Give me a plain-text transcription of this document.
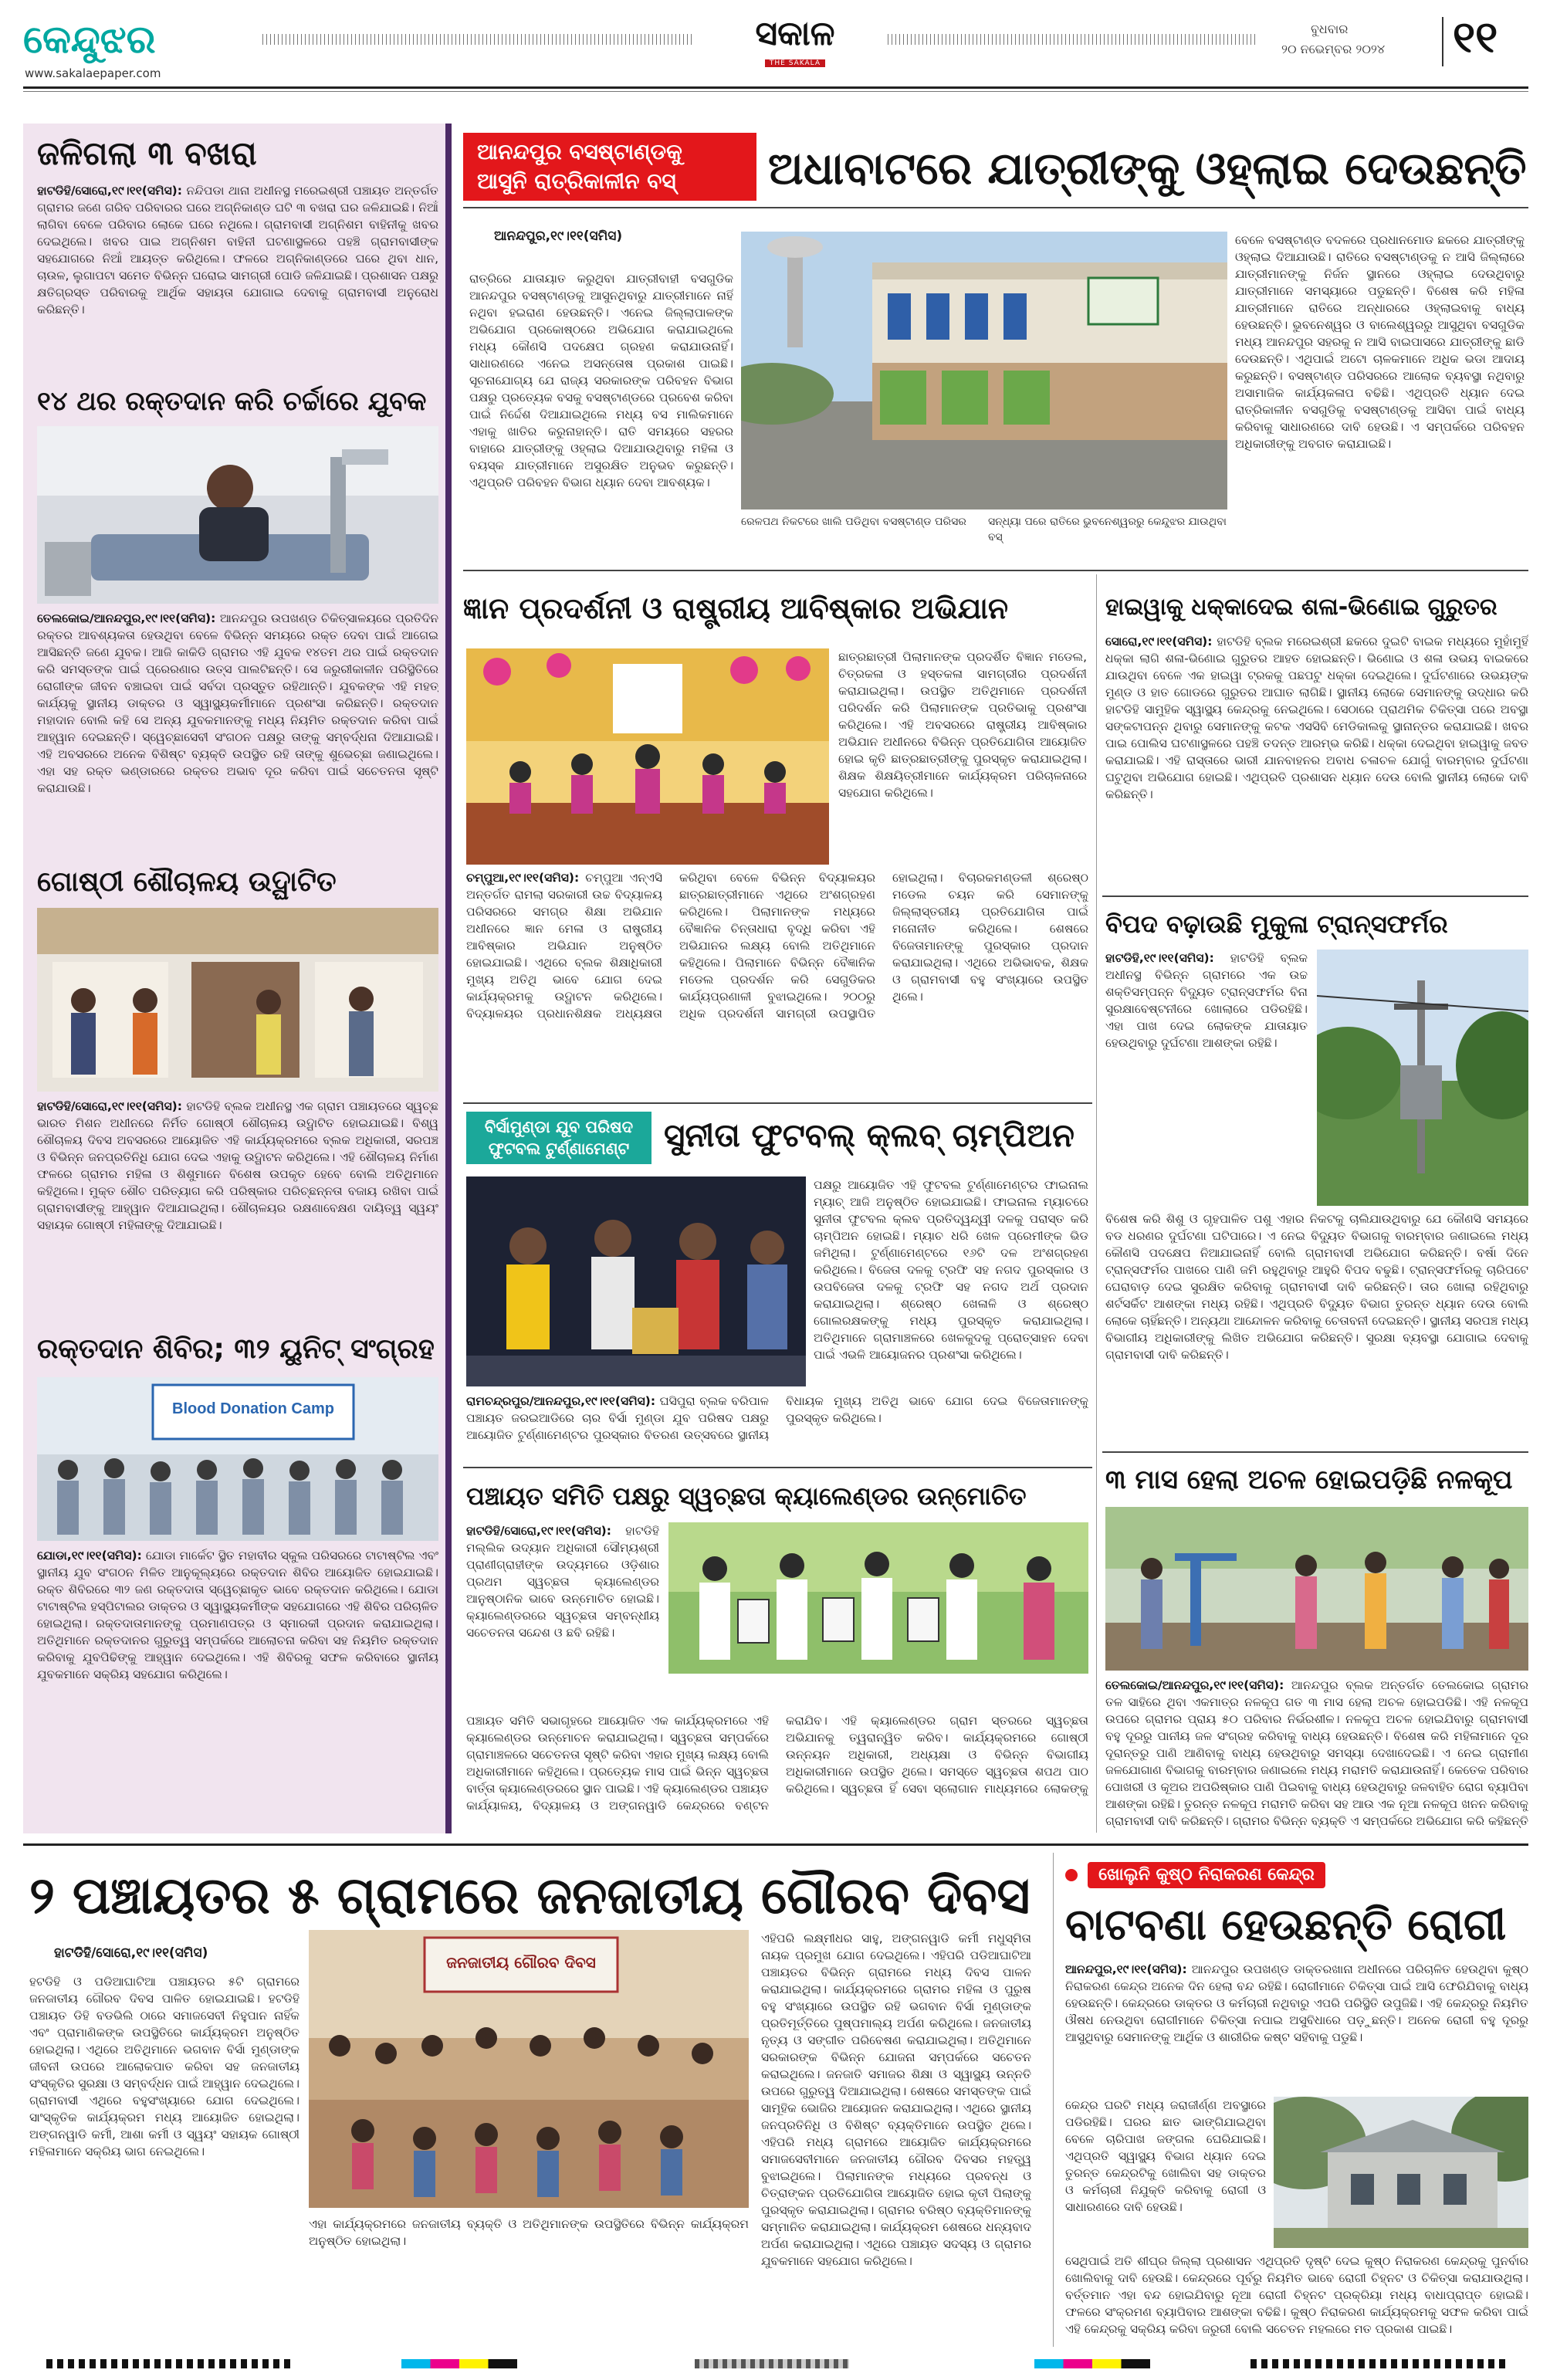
କେନ୍ଦୁଝର
www.sakalaepaper.com
ସକାଳ
THE SAKALA
ବୁଧବାର
୨୦ ନଭେମ୍ବର ୨୦୨୪ ୧୧
ଜଳିଗଲା ୩ ବଖରା
ହାଟଡିହି/ସୋରୋ,୧୯।୧୧(ସମିସ): ନନ୍ଦିପଡା ଥାନା ଅଧୀନସ୍ଥ ମରେଇଶ୍ରୀ ପଞ୍ଚାୟତ ଅନ୍ତର୍ଗତ ଗ୍ରାମର ଜଣେ ଗରିବ ପରିବାରର ଘରେ ଅଗ୍ନିକାଣ୍ଡ ଘଟି ୩ ବଖରା ଘର ଜଳିଯାଇଛି। ନିଆଁ ଲାଗିବା ବେଳେ ପରିବାର ଲୋକେ ଘରେ ନଥିଲେ। ଗ୍ରାମବାସୀ ଅଗ୍ନିଶମ ବାହିନୀକୁ ଖବର ଦେଇଥିଲେ। ଖବର ପାଇ ଅଗ୍ନିଶମ ବାହିନୀ ଘଟଣାସ୍ଥଳରେ ପହଞ୍ଚି ଗ୍ରାମବାସୀଙ୍କ ସହଯୋଗରେ ନିଆଁ ଆୟତ୍ତ କରିଥିଲେ। ଫଳରେ ଅଗ୍ନିକାଣ୍ଡରେ ଘରେ ଥିବା ଧାନ, ଚାଉଳ, ଲୁଗାପଟା ସମେତ ବିଭିନ୍ନ ଘରୋଇ ସାମଗ୍ରୀ ପୋଡି ଜଳିଯାଇଛି। ପ୍ରଶାସନ ପକ୍ଷରୁ କ୍ଷତିଗ୍ରସ୍ତ ପରିବାରକୁ ଆର୍ଥିକ ସହାୟତା ଯୋଗାଇ ଦେବାକୁ ଗ୍ରାମବାସୀ ଅନୁରୋଧ କରିଛନ୍ତି।
୧୪ ଥର ରକ୍ତଦାନ କରି ଚର୍ଚ୍ଚାରେ ଯୁବକ
ତେଲକୋଇ/ଆନନ୍ଦପୁର,୧୯।୧୧(ସମିସ): ଆନନ୍ଦପୁର ଉପଖଣ୍ଡ ଚିକିତ୍ସାଳୟରେ ପ୍ରତିଦିନ ରକ୍ତର ଆବଶ୍ୟକତା ହେଉଥିବା ବେଳେ ବିଭିନ୍ନ ସମୟରେ ରକ୍ତ ଦେବା ପାଇଁ ଆଗେଇ ଆସିଛନ୍ତି ଜଣେ ଯୁବକ। ଆଜି କାକିଡି ଗ୍ରାମର ଏହି ଯୁବକ ୧୪ତମ ଥର ପାଇଁ ରକ୍ତଦାନ କରି ସମସ୍ତଙ୍କ ପାଇଁ ପ୍ରେରଣାର ଉତ୍ସ ପାଲଟିଛନ୍ତି। ସେ ଜରୁରୀକାଳୀନ ପରିସ୍ଥିତିରେ ରୋଗୀଙ୍କ ଜୀବନ ବଞ୍ଚାଇବା ପାଇଁ ସର୍ବଦା ପ୍ରସ୍ତୁତ ରହିଥାନ୍ତି। ଯୁବକଙ୍କ ଏହି ମହତ୍ କାର୍ଯ୍ୟକୁ ସ୍ଥାନୀୟ ଡାକ୍ତର ଓ ସ୍ୱାସ୍ଥ୍ୟକର୍ମୀମାନେ ପ୍ରଶଂସା କରିଛନ୍ତି। ରକ୍ତଦାନ ମହାଦାନ ବୋଲି କହି ସେ ଅନ୍ୟ ଯୁବକମାନଙ୍କୁ ମଧ୍ୟ ନିୟମିତ ରକ୍ତଦାନ କରିବା ପାଇଁ ଆହ୍ୱାନ ଦେଇଛନ୍ତି। ସ୍ୱେଚ୍ଛାସେବୀ ସଂଗଠନ ପକ୍ଷରୁ ତାଙ୍କୁ ସମ୍ବର୍ଦ୍ଧନା ଦିଆଯାଇଛି। ଏହି ଅବସରରେ ଅନେକ ବିଶିଷ୍ଟ ବ୍ୟକ୍ତି ଉପସ୍ଥିତ ରହି ତାଙ୍କୁ ଶୁଭେଚ୍ଛା ଜଣାଇଥିଲେ। ଏହା ସହ ରକ୍ତ ଭଣ୍ଡାରରେ ରକ୍ତର ଅଭାବ ଦୂର କରିବା ପାଇଁ ସଚେତନତା ସୃଷ୍ଟି କରାଯାଉଛି।
ଗୋଷ୍ଠୀ ଶୌଚାଳୟ ଉଦ୍ଘାଟିତ
ହାଟଡିହି/ସୋରୋ,୧୯।୧୧(ସମିସ): ହାଟଡିହି ବ୍ଲକ ଅଧୀନସ୍ଥ ଏକ ଗ୍ରାମ ପଞ୍ଚାୟତରେ ସ୍ୱଚ୍ଛ ଭାରତ ମିଶନ ଅଧୀନରେ ନିର୍ମିତ ଗୋଷ୍ଠୀ ଶୌଚାଳୟ ଉଦ୍ଘାଟିତ ହୋଇଯାଇଛି। ବିଶ୍ୱ ଶୌଚାଳୟ ଦିବସ ଅବସରରେ ଆୟୋଜିତ ଏହି କାର୍ଯ୍ୟକ୍ରମରେ ବ୍ଲକ ଅଧିକାରୀ, ସରପଞ୍ଚ ଓ ବିଭିନ୍ନ ଜନପ୍ରତିନିଧି ଯୋଗ ଦେଇ ଏହାକୁ ଉଦ୍ଘାଟନ କରିଥିଲେ। ଏହି ଶୌଚାଳୟ ନିର୍ମାଣ ଫଳରେ ଗ୍ରାମର ମହିଳା ଓ ଶିଶୁମାନେ ବିଶେଷ ଉପକୃତ ହେବେ ବୋଲି ଅତିଥିମାନେ କହିଥିଲେ। ମୁକ୍ତ ଶୌଚ ପରିତ୍ୟାଗ କରି ପରିଷ୍କାର ପରିଚ୍ଛନ୍ନତା ବଜାୟ ରଖିବା ପାଇଁ ଗ୍ରାମବାସୀଙ୍କୁ ଆହ୍ୱାନ ଦିଆଯାଇଥିଲା। ଶୌଚାଳୟର ରକ୍ଷଣାବେକ୍ଷଣ ଦାୟିତ୍ୱ ସ୍ୱୟଂ ସହାୟକ ଗୋଷ୍ଠୀ ମହିଳାଙ୍କୁ ଦିଆଯାଇଛି।
ରକ୍ତଦାନ ଶିବିର; ୩୨ ୟୁନିଟ୍ ସଂଗ୍ରହ
Blood Donation Camp
ଯୋଡା,୧୯।୧୧(ସମିସ): ଯୋଡା ମାର୍କେଟ ସ୍ଥିତ ମହାବୀର ସ୍କୁଲ ପରିସରରେ ଟାଟାଷ୍ଟିଲ ଏବଂ ସ୍ଥାନୀୟ ଯୁବ ସଂଗଠନ ମିଳିତ ଆନୁକୂଲ୍ୟରେ ରକ୍ତଦାନ ଶିବିର ଆୟୋଜିତ ହୋଇଯାଇଛି। ରକ୍ତ ଶିବିରରେ ୩୨ ଜଣ ରକ୍ତଦାତା ସ୍ୱେଚ୍ଛାକୃତ ଭାବେ ରକ୍ତଦାନ କରିଥିଲେ। ଯୋଡା ଟାଟାଷ୍ଟିଲ ହସ୍ପିଟାଲର ଡାକ୍ତର ଓ ସ୍ୱାସ୍ଥ୍ୟକର୍ମୀଙ୍କ ସହଯୋଗରେ ଏହି ଶିବିର ପରିଚାଳିତ ହୋଇଥିଲା। ରକ୍ତଦାତାମାନଙ୍କୁ ପ୍ରମାଣପତ୍ର ଓ ସ୍ମାରକୀ ପ୍ରଦାନ କରାଯାଇଥିଲା। ଅତିଥିମାନେ ରକ୍ତଦାନର ଗୁରୁତ୍ୱ ସମ୍ପର୍କରେ ଆଲୋଚନା କରିବା ସହ ନିୟମିତ ରକ୍ତଦାନ କରିବାକୁ ଯୁବପିଢିଙ୍କୁ ଆହ୍ୱାନ ଦେଇଥିଲେ। ଏହି ଶିବିରକୁ ସଫଳ କରିବାରେ ସ୍ଥାନୀୟ ଯୁବକମାନେ ସକ୍ରିୟ ସହଯୋଗ କରିଥିଲେ।
ଆନନ୍ଦପୁର ବସଷ୍ଟାଣ୍ଡକୁ
ଆସୁନି ରାତ୍ରିକାଳୀନ ବସ୍	ଅଧାବାଟରେ ଯାତ୍ରୀଙ୍କୁ ଓହ୍ଲାଇ ଦେଉଛନ୍ତି
ଆନନ୍ଦପୁର,୧୯।୧୧(ସମିସ)
ରାତ୍ରିରେ ଯାତାୟାତ କରୁଥିବା ଯାତ୍ରୀବାହୀ ବସଗୁଡିକ ଆନନ୍ଦପୁର ବସଷ୍ଟାଣ୍ଡକୁ ଆସୁନଥିବାରୁ ଯାତ୍ରୀମାନେ ନାହିଁ ନଥିବା ହଇରାଣ ହେଉଛନ୍ତି। ଏନେଇ ଜିଲ୍ଲାପାଳଙ୍କ ଅଭିଯୋଗ ପ୍ରକୋଷ୍ଠରେ ଅଭିଯୋଗ କରାଯାଇଥିଲେ ମଧ୍ୟ କୌଣସି ପଦକ୍ଷେପ ଗ୍ରହଣ କରାଯାଉନାହିଁ। ସାଧାରଣରେ ଏନେଇ ଅସନ୍ତୋଷ ପ୍ରକାଶ ପାଇଛି। ସୂଚନାଯୋଗ୍ୟ ଯେ ରାଜ୍ୟ ସରକାରଙ୍କ ପରିବହନ ବିଭାଗ ପକ୍ଷରୁ ପ୍ରତ୍ୟେକ ବସକୁ ବସଷ୍ଟାଣ୍ଡରେ ପ୍ରବେଶ କରିବା ପାଇଁ ନିର୍ଦ୍ଦେଶ ଦିଆଯାଇଥିଲେ ମଧ୍ୟ ବସ ମାଲିକମାନେ ଏହାକୁ ଖାତିର କରୁନାହାନ୍ତି। ରାତି ସମୟରେ ସହରର ବାହାରେ ଯାତ୍ରୀଙ୍କୁ ଓହ୍ଲାଇ ଦିଆଯାଉଥିବାରୁ ମହିଳା ଓ ବୟସ୍କ ଯାତ୍ରୀମାନେ ଅସୁରକ୍ଷିତ ଅନୁଭବ କରୁଛନ୍ତି। ଏଥିପ୍ରତି ପରିବହନ ବିଭାଗ ଧ୍ୟାନ ଦେବା ଆବଶ୍ୟକ।
ରେଳପଥ ନିକଟରେ ଖାଲି ପଡିଥିବା ବସଷ୍ଟାଣ୍ଡ ପରିସର	ସନ୍ଧ୍ୟା ପରେ ରାତିରେ ଭୁବନେଶ୍ୱରରୁ କେନ୍ଦୁଝର ଯାଉଥିବା ବସ୍
ବେଳେ ବସଷ୍ଟାଣ୍ଡ ବଦଳରେ ପ୍ରଧାନମୋଡ ଛକରେ ଯାତ୍ରୀଙ୍କୁ ଓହ୍ଲାଇ ଦିଆଯାଉଛି। ରାତିରେ ବସଷ୍ଟାଣ୍ଡକୁ ନ ଆସି ଜିଲ୍ଲାରେ ଯାତ୍ରୀମାନଙ୍କୁ ନିର୍ଜନ ସ୍ଥାନରେ ଓହ୍ଲାଇ ଦେଉଥିବାରୁ ଯାତ୍ରୀମାନେ ସମସ୍ୟାରେ ପଡୁଛନ୍ତି। ବିଶେଷ କରି ମହିଳା ଯାତ୍ରୀମାନେ ରାତିରେ ଅନ୍ଧାରରେ ଓହ୍ଲାଇବାକୁ ବାଧ୍ୟ ହେଉଛନ୍ତି। ଭୁବନେଶ୍ୱର ଓ ବାଲେଶ୍ୱରରୁ ଆସୁଥିବା ବସଗୁଡିକ ମଧ୍ୟ ଆନନ୍ଦପୁର ସହରକୁ ନ ଆସି ବାଇପାସରେ ଯାତ୍ରୀଙ୍କୁ ଛାଡି ଦେଉଛନ୍ତି। ଏଥିପାଇଁ ଅଟୋ ଚାଳକମାନେ ଅଧିକ ଭଡା ଆଦାୟ କରୁଛନ୍ତି। ବସଷ୍ଟାଣ୍ଡ ପରିସରରେ ଆଲୋକ ବ୍ୟବସ୍ଥା ନଥିବାରୁ ଅସାମାଜିକ କାର୍ଯ୍ୟକଳାପ ବଢିଛି। ଏଥିପ୍ରତି ଧ୍ୟାନ ଦେଇ ରାତ୍ରିକାଳୀନ ବସଗୁଡିକୁ ବସଷ୍ଟାଣ୍ଡକୁ ଆସିବା ପାଇଁ ବାଧ୍ୟ କରିବାକୁ ସାଧାରଣରେ ଦାବି ହେଉଛି। ଏ ସମ୍ପର୍କରେ ପରିବହନ ଅଧିକାରୀଙ୍କୁ ଅବଗତ କରାଯାଇଛି।
ଜ୍ଞାନ ପ୍ରଦର୍ଶନୀ ଓ ରାଷ୍ଟ୍ରୀୟ ଆବିଷ୍କାର ଅଭିଯାନ
ଛାତ୍ରଛାତ୍ରୀ ପିଲାମାନଙ୍କ ପ୍ରଦର୍ଶିତ ବିଜ୍ଞାନ ମଡେଲ, ଚିତ୍ରକଳା ଓ ହସ୍ତକଳା ସାମଗ୍ରୀର ପ୍ରଦର୍ଶନୀ କରାଯାଇଥିଲା। ଉପସ୍ଥିତ ଅତିଥିମାନେ ପ୍ରଦର୍ଶନୀ ପରିଦର୍ଶନ କରି ପିଲାମାନଙ୍କ ପ୍ରତିଭାକୁ ପ୍ରଶଂସା କରିଥିଲେ। ଏହି ଅବସରରେ ରାଷ୍ଟ୍ରୀୟ ଆବିଷ୍କାର ଅଭିଯାନ ଅଧୀନରେ ବିଭିନ୍ନ ପ୍ରତିଯୋଗିତା ଆୟୋଜିତ ହୋଇ କୃତି ଛାତ୍ରଛାତ୍ରୀଙ୍କୁ ପୁରସ୍କୃତ କରାଯାଇଥିଲା। ଶିକ୍ଷକ ଶିକ୍ଷୟିତ୍ରୀମାନେ କାର୍ଯ୍ୟକ୍ରମ ପରିଚାଳନାରେ ସହଯୋଗ କରିଥିଲେ।
ଚମ୍ପୁଆ,୧୯।୧୧(ସମିସ): ଚମ୍ପୁଆ ଏନ୍ଏସି ଅନ୍ତର୍ଗତ ରାମଲା ସରକାରୀ ଉଚ୍ଚ ବିଦ୍ୟାଳୟ ପରିସରରେ ସମଗ୍ର ଶିକ୍ଷା ଅଭିଯାନ ଅଧୀନରେ ଜ୍ଞାନ ମେଳା ଓ ରାଷ୍ଟ୍ରୀୟ ଆବିଷ୍କାର ଅଭିଯାନ ଅନୁଷ୍ଠିତ ହୋଇଯାଇଛି। ଏଥିରେ ବ୍ଲକ ଶିକ୍ଷାଧିକାରୀ ମୁଖ୍ୟ ଅତିଥି ଭାବେ ଯୋଗ ଦେଇ କାର୍ଯ୍ୟକ୍ରମକୁ ଉଦ୍ଘାଟନ କରିଥିଲେ। ବିଦ୍ୟାଳୟର ପ୍ରଧାନଶିକ୍ଷକ ଅଧ୍ୟକ୍ଷତା କରିଥିବା ବେଳେ ବିଭିନ୍ନ ବିଦ୍ୟାଳୟର ଛାତ୍ରଛାତ୍ରୀମାନେ ଏଥିରେ ଅଂଶଗ୍ରହଣ କରିଥିଲେ। ପିଲାମାନଙ୍କ ମଧ୍ୟରେ ବୈଜ୍ଞାନିକ ଚିନ୍ତାଧାରା ବୃଦ୍ଧି କରିବା ଏହି ଅଭିଯାନର ଲକ୍ଷ୍ୟ ବୋଲି ଅତିଥିମାନେ କହିଥିଲେ। ପିଲାମାନେ ବିଭିନ୍ନ ବୈଜ୍ଞାନିକ ମଡେଲ ପ୍ରଦର୍ଶନ କରି ସେଗୁଡିକର କାର୍ଯ୍ୟପ୍ରଣାଳୀ ବୁଝାଇଥିଲେ। ୨୦୦ରୁ ଅଧିକ ପ୍ରଦର୍ଶନୀ ସାମଗ୍ରୀ ଉପସ୍ଥାପିତ ହୋଇଥିଲା। ବିଚାରକମଣ୍ଡଳୀ ଶ୍ରେଷ୍ଠ ମଡେଲ ଚୟନ କରି ସେମାନଙ୍କୁ ଜିଲ୍ଲାସ୍ତରୀୟ ପ୍ରତିଯୋଗିତା ପାଇଁ ମନୋନୀତ କରିଥିଲେ। ଶେଷରେ ବିଜେତାମାନଙ୍କୁ ପୁରସ୍କାର ପ୍ରଦାନ କରାଯାଇଥିଲା। ଏଥିରେ ଅଭିଭାବକ, ଶିକ୍ଷକ ଓ ଗ୍ରାମବାସୀ ବହୁ ସଂଖ୍ୟାରେ ଉପସ୍ଥିତ ଥିଲେ।
ବିର୍ସାମୁଣ୍ଡା ଯୁବ ପରିଷଦ ଫୁଟବଲ ଟୁର୍ଣ୍ଣାମେଣ୍ଟ	ସୁନୀତା ଫୁଟବଲ୍ କ୍ଲବ୍ ଚାମ୍ପିଅନ
ପକ୍ଷରୁ ଆୟୋଜିତ ଏହି ଫୁଟବଲ ଟୁର୍ଣ୍ଣାମେଣ୍ଟର ଫାଇନାଲ ମ୍ୟାଚ୍ ଆଜି ଅନୁଷ୍ଠିତ ହୋଇଯାଇଛି। ଫାଇନାଲ ମ୍ୟାଚରେ ସୁନୀତା ଫୁଟବଲ କ୍ଲବ ପ୍ରତିଦ୍ୱନ୍ଦ୍ୱୀ ଦଳକୁ ପରାସ୍ତ କରି ଚାମ୍ପିଅନ ହୋଇଛି। ମ୍ୟାଚ ଧରି ଖେଳ ପ୍ରେମୀଙ୍କ ଭିଡ ଜମିଥିଲା। ଟୁର୍ଣ୍ଣାମେଣ୍ଟରେ ୧୬ଟି ଦଳ ଅଂଶଗ୍ରହଣ କରିଥିଲେ। ବିଜେତା ଦଳକୁ ଟ୍ରଫି ସହ ନଗଦ ପୁରସ୍କାର ଓ ଉପବିଜେତା ଦଳକୁ ଟ୍ରଫି ସହ ନଗଦ ଅର୍ଥ ପ୍ରଦାନ କରାଯାଇଥିଲା। ଶ୍ରେଷ୍ଠ ଖେଳାଳି ଓ ଶ୍ରେଷ୍ଠ ଗୋଲରକ୍ଷକଙ୍କୁ ମଧ୍ୟ ପୁରସ୍କୃତ କରାଯାଇଥିଲା। ଅତିଥିମାନେ ଗ୍ରାମାଞ୍ଚଳରେ ଖେଳକୁଦକୁ ପ୍ରୋତ୍ସାହନ ଦେବା ପାଇଁ ଏଭଳି ଆୟୋଜନର ପ୍ରଶଂସା କରିଥିଲେ।
ରାମଚନ୍ଦ୍ରପୁର/ଆନନ୍ଦପୁର,୧୯।୧୧(ସମିସ): ଘସିପୁରା ବ୍ଲକ ବରିପାଳ ପଞ୍ଚାୟତ ଜରଇଆଡିରେ ଚାର ବିର୍ସା ମୁଣ୍ଡା ଯୁବ ପରିଷଦ ପକ୍ଷରୁ ଆୟୋଜିତ ଟୁର୍ଣ୍ଣାମେଣ୍ଟର ପୁରସ୍କାର ବିତରଣ ଉତ୍ସବରେ ସ୍ଥାନୀୟ ବିଧାୟକ ମୁଖ୍ୟ ଅତିଥି ଭାବେ ଯୋଗ ଦେଇ ବିଜେତାମାନଙ୍କୁ ପୁରସ୍କୃତ କରିଥିଲେ।
ପଞ୍ଚାୟତ ସମିତି ପକ୍ଷରୁ ସ୍ୱଚ୍ଛତା କ୍ୟାଲେଣ୍ଡର ଉନ୍ମୋଚିତ
ହାଟଡିହି/ସୋରୋ,୧୯।୧୧(ସମିସ): ହାଟଡିହି ମଲ୍ଲିକ ଉଦ୍ୟାନ ଅଧିକାରୀ ସୌମ୍ୟଶ୍ରୀ ପ୍ରାଣୀଗ୍ରାହୀଙ୍କ ଉଦ୍ୟମରେ ଓଡ଼ିଶାର ପ୍ରଥମ ସ୍ୱଚ୍ଛତା କ୍ୟାଲେଣ୍ଡର ଆନୁଷ୍ଠାନିକ ଭାବେ ଉନ୍ମୋଚିତ ହୋଇଛି। କ୍ୟାଲେଣ୍ଡରରେ ସ୍ୱଚ୍ଛତା ସମ୍ବନ୍ଧୀୟ ସଚେତନତା ସନ୍ଦେଶ ଓ ଛବି ରହିଛି।
ପଞ୍ଚାୟତ ସମିତି ସଭାଗୃହରେ ଆୟୋଜିତ ଏକ କାର୍ଯ୍ୟକ୍ରମରେ ଏହି କ୍ୟାଲେଣ୍ଡର ଉନ୍ମୋଚନ କରାଯାଇଥିଲା। ସ୍ୱଚ୍ଛତା ସମ୍ପର୍କରେ ଗ୍ରାମାଞ୍ଚଳରେ ସଚେତନତା ସୃଷ୍ଟି କରିବା ଏହାର ମୁଖ୍ୟ ଲକ୍ଷ୍ୟ ବୋଲି ଅଧିକାରୀମାନେ କହିଥିଲେ। ପ୍ରତ୍ୟେକ ମାସ ପାଇଁ ଭିନ୍ନ ସ୍ୱଚ୍ଛତା ବାର୍ତ୍ତା କ୍ୟାଲେଣ୍ଡରରେ ସ୍ଥାନ ପାଇଛି। ଏହି କ୍ୟାଲେଣ୍ଡର ପଞ୍ଚାୟତ କାର୍ଯ୍ୟାଳୟ, ବିଦ୍ୟାଳୟ ଓ ଅଙ୍ଗନୱାଡି କେନ୍ଦ୍ରରେ ବଣ୍ଟନ କରାଯିବ। ଏହି କ୍ୟାଲେଣ୍ଡର ଗ୍ରାମ ସ୍ତରରେ ସ୍ୱଚ୍ଛତା ଅଭିଯାନକୁ ତ୍ୱରାନ୍ୱିତ କରିବ। କାର୍ଯ୍ୟକ୍ରମରେ ଗୋଷ୍ଠୀ ଉନ୍ନୟନ ଅଧିକାରୀ, ଅଧ୍ୟକ୍ଷା ଓ ବିଭିନ୍ନ ବିଭାଗୀୟ ଅଧିକାରୀମାନେ ଉପସ୍ଥିତ ଥିଲେ। ସମସ୍ତେ ସ୍ୱଚ୍ଛତା ଶପଥ ପାଠ କରିଥିଲେ। ସ୍ୱଚ୍ଛତା ହିଁ ସେବା ସ୍ଲୋଗାନ ମାଧ୍ୟମରେ ଲୋକଙ୍କୁ
ହାଇୱାକୁ ଧକ୍କାଦେଇ ଶଳା-ଭିଣୋଇ ଗୁରୁତର
ସୋରୋ,୧୯।୧୧(ସମିସ): ହାଟଡିହି ବ୍ଲକ ମରେଇଶ୍ରୀ ଛକରେ ଦୁଇଟି ବାଇକ ମଧ୍ୟରେ ମୁହାଁମୁହିଁ ଧକ୍କା ଲାଗି ଶଳା-ଭିଣୋଇ ଗୁରୁତର ଆହତ ହୋଇଛନ୍ତି। ଭିଣୋଇ ଓ ଶଳା ଉଭୟ ବାଇକରେ ଯାଉଥିବା ବେଳେ ଏକ ହାଇୱା ଟ୍ରକକୁ ପଛପଟୁ ଧକ୍କା ଦେଇଥିଲେ। ଦୁର୍ଘଟଣାରେ ଉଭୟଙ୍କ ମୁଣ୍ଡ ଓ ହାତ ଗୋଡରେ ଗୁରୁତର ଆଘାତ ଲାଗିଛି। ସ୍ଥାନୀୟ ଲୋକେ ସେମାନଙ୍କୁ ଉଦ୍ଧାର କରି ହାଟଡିହି ସାମୁହିକ ସ୍ୱାସ୍ଥ୍ୟ କେନ୍ଦ୍ରକୁ ନେଇଥିଲେ। ସେଠାରେ ପ୍ରାଥମିକ ଚିକିତ୍ସା ପରେ ଅବସ୍ଥା ସଙ୍କଟାପନ୍ନ ଥିବାରୁ ସେମାନଙ୍କୁ କଟକ ଏସସିବି ମେଡିକାଲକୁ ସ୍ଥାନାନ୍ତର କରାଯାଇଛି। ଖବର ପାଇ ପୋଲିସ ଘଟଣାସ୍ଥଳରେ ପହଞ୍ଚି ତଦନ୍ତ ଆରମ୍ଭ କରିଛି। ଧକ୍କା ଦେଇଥିବା ହାଇୱାକୁ ଜବତ କରାଯାଇଛି। ଏହି ରାସ୍ତାରେ ଭାରୀ ଯାନବାହନର ଅବାଧ ଚଳାଚଳ ଯୋଗୁଁ ବାରମ୍ବାର ଦୁର୍ଘଟଣା ଘଟୁଥିବା ଅଭିଯୋଗ ହୋଇଛି। ଏଥିପ୍ରତି ପ୍ରଶାସନ ଧ୍ୟାନ ଦେଉ ବୋଲି ସ୍ଥାନୀୟ ଲୋକେ ଦାବି କରିଛନ୍ତି।
ବିପଦ ବଢ଼ାଉଛି ମୁକୁଳା ଟ୍ରାନ୍ସଫର୍ମର
ହାଟଡିହି,୧୯।୧୧(ସମିସ): ହାଟଡିହି ବ୍ଲକ ଅଧୀନସ୍ଥ ବିଭିନ୍ନ ଗ୍ରାମରେ ଏକ ଉଚ୍ଚ ଶକ୍ତିସମ୍ପନ୍ନ ବିଦ୍ୟୁତ ଟ୍ରାନ୍ସଫର୍ମର ବିନା ସୁରକ୍ଷାବେଷ୍ଟନୀରେ ଖୋଲାରେ ପଡିରହିଛି। ଏହା ପାଖ ଦେଇ ଲୋକଙ୍କ ଯାତାୟାତ ହେଉଥିବାରୁ ଦୁର୍ଘଟଣା ଆଶଙ୍କା ରହିଛି।
ବିଶେଷ କରି ଶିଶୁ ଓ ଗୃହପାଳିତ ପଶୁ ଏହାର ନିକଟକୁ ଚାଲିଯାଉଥିବାରୁ ଯେ କୌଣସି ସମୟରେ ବଡ ଧରଣର ଦୁର୍ଘଟଣା ଘଟିପାରେ। ଏ ନେଇ ବିଦ୍ୟୁତ ବିଭାଗକୁ ବାରମ୍ବାର ଜଣାଇଲେ ମଧ୍ୟ କୌଣସି ପଦକ୍ଷେପ ନିଆଯାଇନାହିଁ ବୋଲି ଗ୍ରାମବାସୀ ଅଭିଯୋଗ କରିଛନ୍ତି। ବର୍ଷା ଦିନେ ଟ୍ରାନ୍ସଫର୍ମର ପାଖରେ ପାଣି ଜମି ରହୁଥିବାରୁ ଆହୁରି ବିପଦ ବଢୁଛି। ଟ୍ରାନ୍ସଫର୍ମରକୁ ଚାରିପଟେ ଘେରାବାଡ଼ ଦେଇ ସୁରକ୍ଷିତ କରିବାକୁ ଗ୍ରାମବାସୀ ଦାବି କରିଛନ୍ତି। ତାର ଖୋଲା ରହିଥିବାରୁ ଶର୍ଟସର୍କିଟ ଆଶଙ୍କା ମଧ୍ୟ ରହିଛି। ଏଥିପ୍ରତି ବିଦ୍ୟୁତ ବିଭାଗ ତୁରନ୍ତ ଧ୍ୟାନ ଦେଉ ବୋଲି ଲୋକେ ଚାହିଁଛନ୍ତି। ଅନ୍ୟଥା ଆନ୍ଦୋଳନ କରିବାକୁ ଚେତାବନୀ ଦେଇଛନ୍ତି। ସ୍ଥାନୀୟ ସରପଞ୍ଚ ମଧ୍ୟ ବିଭାଗୀୟ ଅଧିକାରୀଙ୍କୁ ଲିଖିତ ଅଭିଯୋଗ କରିଛନ୍ତି। ସୁରକ୍ଷା ବ୍ୟବସ୍ଥା ଯୋଗାଇ ଦେବାକୁ ଗ୍ରାମବାସୀ ଦାବି କରିଛନ୍ତି।
୩ ମାସ ହେଲା ଅଚଳ ହୋଇପଡ଼ିଛି ନଳକୂପ
ତେଲକୋଇ/ଆନନ୍ଦପୁର,୧୯।୧୧(ସମିସ): ଆନନ୍ଦପୁର ବ୍ଲକ ଅନ୍ତର୍ଗତ ତେଲକୋଇ ଗ୍ରାମର ତଳ ସାହିରେ ଥିବା ଏକମାତ୍ର ନଳକୂପ ଗତ ୩ ମାସ ହେଲା ଅଚଳ ହୋଇପଡିଛି। ଏହି ନଳକୂପ ଉପରେ ଗ୍ରାମର ପ୍ରାୟ ୫୦ ପରିବାର ନିର୍ଭରଶୀଳ। ନଳକୂପ ଅଚଳ ହୋଇଯିବାରୁ ଗ୍ରାମବାସୀ ବହୁ ଦୂରରୁ ପାନୀୟ ଜଳ ସଂଗ୍ରହ କରିବାକୁ ବାଧ୍ୟ ହେଉଛନ୍ତି। ବିଶେଷ କରି ମହିଳାମାନେ ଦୂର ଦୂରାନ୍ତରୁ ପାଣି ଆଣିବାକୁ ବାଧ୍ୟ ହେଉଥିବାରୁ ସମସ୍ୟା ଦେଖାଦେଇଛି। ଏ ନେଇ ଗ୍ରାମୀଣ ଜଳଯୋଗାଣ ବିଭାଗକୁ ବାରମ୍ବାର ଜଣାଇଲେ ମଧ୍ୟ ମରାମତି କରାଯାଉନାହିଁ। କେତେକ ପରିବାର ପୋଖରୀ ଓ କୂଅର ଅପରିଷ୍କାର ପାଣି ପିଇବାକୁ ବାଧ୍ୟ ହେଉଥିବାରୁ ଜଳବାହିତ ରୋଗ ବ୍ୟାପିବା ଆଶଙ୍କା ରହିଛି। ତୁରନ୍ତ ନଳକୂପ ମରାମତି କରିବା ସହ ଆଉ ଏକ ନୂଆ ନଳକୂପ ଖନନ କରିବାକୁ ଗ୍ରାମବାସୀ ଦାବି କରିଛନ୍ତି। ଗ୍ରାମର ବିଭିନ୍ନ ବ୍ୟକ୍ତି ଏ ସମ୍ପର୍କରେ ଅଭିଯୋଗ କରି କହିଛନ୍ତି
୨ ପଞ୍ଚାୟତର ୫ ଗ୍ରାମରେ ଜନଜାତୀୟ ଗୌରବ ଦିବସ
ହାଟଡିହି/ସୋରୋ,୧୯।୧୧(ସମିସ)
ହଟଡିହି ଓ ପଡିଆଘାଟିଆ ପଞ୍ଚାୟତର ୫ଟି ଗ୍ରାମରେ ଜନଜାତୀୟ ଗୌରବ ଦିବସ ପାଳିତ ହୋଇଯାଇଛି। ହଟଡିହି ପଞ୍ଚାୟତ ଡିହି ବଡଭିଲି ଠାରେ ସମାଜସେବୀ ନିହୁପାନ ନାହିଁକ ଏବଂ ପ୍ରାମାଣିକଙ୍କ ଉପସ୍ଥିତିରେ କାର୍ଯ୍ୟକ୍ରମ ଅନୁଷ୍ଠିତ ହୋଇଥିଲା। ଏଥିରେ ଅତିଥିମାନେ ଭଗବାନ ବିର୍ସା ମୁଣ୍ଡାଙ୍କ ଜୀବନୀ ଉପରେ ଆଲୋକପାତ କରିବା ସହ ଜନଜାତୀୟ ସଂସ୍କୃତିର ସୁରକ୍ଷା ଓ ସମ୍ବର୍ଦ୍ଧନ ପାଇଁ ଆହ୍ୱାନ ଦେଇଥିଲେ। ଗ୍ରାମବାସୀ ଏଥିରେ ବହୁସଂଖ୍ୟାରେ ଯୋଗ ଦେଇଥିଲେ। ସାଂସ୍କୃତିକ କାର୍ଯ୍ୟକ୍ରମ ମଧ୍ୟ ଆୟୋଜିତ ହୋଇଥିଲା। ଅଙ୍ଗନୱାଡି କର୍ମୀ, ଆଶା କର୍ମୀ ଓ ସ୍ୱୟଂ ସହାୟକ ଗୋଷ୍ଠୀ ମହିଳାମାନେ ସକ୍ରିୟ ଭାଗ ନେଇଥିଲେ।
ଜନଜାତୀୟ ଗୌରବ ଦିବସ
ଏହା କାର୍ଯ୍ୟକ୍ରମରେ ଜନଜାତୀୟ ବ୍ୟକ୍ତି ଓ ଅତିଥିମାନଙ୍କ ଉପସ୍ଥିତିରେ ବିଭିନ୍ନ କାର୍ଯ୍ୟକ୍ରମ ଅନୁଷ୍ଠିତ ହୋଇଥିଲା।
ଏହିପରି ଲକ୍ଷ୍ମୀଧର ସାହୁ, ଅଙ୍ଗନୱାଡି କର୍ମୀ ମଧୁସ୍ମିତା ନାୟକ ପ୍ରମୁଖ ଯୋଗ ଦେଇଥିଲେ। ଏହିପରି ପଡିଆଘାଟିଆ ପଞ୍ଚାୟତର ବିଭିନ୍ନ ଗ୍ରାମରେ ମଧ୍ୟ ଦିବସ ପାଳନ କରାଯାଇଥିଲା। କାର୍ଯ୍ୟକ୍ରମରେ ଗ୍ରାମର ମହିଳା ଓ ପୁରୁଷ ବହୁ ସଂଖ୍ୟାରେ ଉପସ୍ଥିତ ରହି ଭଗବାନ ବିର୍ସା ମୁଣ୍ଡାଙ୍କ ପ୍ରତିମୂର୍ତ୍ତିରେ ପୁଷ୍ପମାଲ୍ୟ ଅର୍ପଣ କରିଥିଲେ। ଜନଜାତୀୟ ନୃତ୍ୟ ଓ ସଙ୍ଗୀତ ପରିବେଷଣ କରାଯାଇଥିଲା। ଅତିଥିମାନେ ସରକାରଙ୍କ ବିଭିନ୍ନ ଯୋଜନା ସମ୍ପର୍କରେ ସଚେତନ କରାଇଥିଲେ। ଜନଜାତି ସମାଜର ଶିକ୍ଷା ଓ ସ୍ୱାସ୍ଥ୍ୟ ଉନ୍ନତି ଉପରେ ଗୁରୁତ୍ୱ ଦିଆଯାଇଥିଲା। ଶେଷରେ ସମସ୍ତଙ୍କ ପାଇଁ ସାମୂହିକ ଭୋଜିର ଆୟୋଜନ କରାଯାଇଥିଲା। ଏଥିରେ ସ୍ଥାନୀୟ ଜନପ୍ରତିନିଧି ଓ ବିଶିଷ୍ଟ ବ୍ୟକ୍ତିମାନେ ଉପସ୍ଥିତ ଥିଲେ। ଏହିପରି ମଧ୍ୟ ଗ୍ରାମରେ ଆୟୋଜିତ କାର୍ଯ୍ୟକ୍ରମରେ ସମାଜସେବୀମାନେ ଜନଜାତୀୟ ଗୌରବ ଦିବସର ମହତ୍ତ୍ୱ ବୁଝାଇଥିଲେ। ପିଲାମାନଙ୍କ ମଧ୍ୟରେ ପ୍ରବନ୍ଧ ଓ ଚିତ୍ରାଙ୍କନ ପ୍ରତିଯୋଗିତା ଆୟୋଜିତ ହୋଇ କୃତୀ ପିଲାଙ୍କୁ ପୁରସ୍କୃତ କରାଯାଇଥିଲା। ଗ୍ରାମର ବରିଷ୍ଠ ବ୍ୟକ୍ତିମାନଙ୍କୁ ସମ୍ମାନିତ କରାଯାଇଥିଲା। କାର୍ଯ୍ୟକ୍ରମ ଶେଷରେ ଧନ୍ୟବାଦ ଅର୍ପଣ କରାଯାଇଥିଲା। ଏଥିରେ ପଞ୍ଚାୟତ ସଦସ୍ୟ ଓ ଗ୍ରାମର ଯୁବକମାନେ ସହଯୋଗ କରିଥିଲେ।
ଖୋଲୁନି କୁଷ୍ଠ ନିରାକରଣ କେନ୍ଦ୍ର
ବାଟବଣା ହେଉଛନ୍ତି ରୋଗୀ
ଆନନ୍ଦପୁର,୧୯।୧୧(ସମିସ): ଆନନ୍ଦପୁର ଉପଖଣ୍ଡ ଡାକ୍ତରଖାନା ଅଧୀନରେ ପରିଚାଳିତ ହେଉଥିବା କୁଷ୍ଠ ନିରାକରଣ କେନ୍ଦ୍ର ଅନେକ ଦିନ ହେଲା ବନ୍ଦ ରହିଛି। ରୋଗୀମାନେ ଚିକିତ୍ସା ପାଇଁ ଆସି ଫେରିଯିବାକୁ ବାଧ୍ୟ ହେଉଛନ୍ତି। କେନ୍ଦ୍ରରେ ଡାକ୍ତର ଓ କର୍ମଚାରୀ ନଥିବାରୁ ଏପରି ପରିସ୍ଥିତି ଉପୁଜିଛି। ଏହି କେନ୍ଦ୍ରରୁ ନିୟମିତ ଔଷଧ ନେଉଥିବା ରୋଗୀମାନେ ଚିକିତ୍ସା ନପାଇ ଅସୁବିଧାରେ ପଡ଼ୁଛନ୍ତି। ଅନେକ ରୋଗୀ ବହୁ ଦୂରରୁ ଆସୁଥିବାରୁ ସେମାନଙ୍କୁ ଆର୍ଥିକ ଓ ଶାରୀରିକ କଷ୍ଟ ସହିବାକୁ ପଡୁଛି।
କେନ୍ଦ୍ର ଘରଟି ମଧ୍ୟ ଜରାଜୀର୍ଣ୍ଣ ଅବସ୍ଥାରେ ପଡିରହିଛି। ଘରର ଛାତ ଭାଙ୍ଗିଯାଇଥିବା ବେଳେ ଚାରିପାଖ ଜଙ୍ଗଲ ଘେରିଯାଇଛି। ଏଥିପ୍ରତି ସ୍ୱାସ୍ଥ୍ୟ ବିଭାଗ ଧ୍ୟାନ ଦେଇ ତୁରନ୍ତ କେନ୍ଦ୍ରଟିକୁ ଖୋଲିବା ସହ ଡାକ୍ତର ଓ କର୍ମଚାରୀ ନିଯୁକ୍ତି କରିବାକୁ ରୋଗୀ ଓ ସାଧାରଣରେ ଦାବି ହେଉଛି।
ସେଥିପାଇଁ ଅତି ଶୀଘ୍ର ଜିଲ୍ଲା ପ୍ରଶାସନ ଏଥିପ୍ରତି ଦୃଷ୍ଟି ଦେଇ କୁଷ୍ଠ ନିରାକରଣ କେନ୍ଦ୍ରକୁ ପୁନର୍ବାର ଖୋଲିବାକୁ ଦାବି ହେଉଛି। କେନ୍ଦ୍ରରେ ପୂର୍ବରୁ ନିୟମିତ ଭାବେ ରୋଗୀ ଚିହ୍ନଟ ଓ ଚିକିତ୍ସା କରାଯାଉଥିଲା। ବର୍ତ୍ତମାନ ଏହା ବନ୍ଦ ହୋଇଯିବାରୁ ନୂଆ ରୋଗୀ ଚିହ୍ନଟ ପ୍ରକ୍ରିୟା ମଧ୍ୟ ବାଧାପ୍ରାପ୍ତ ହୋଇଛି। ଫଳରେ ସଂକ୍ରମଣ ବ୍ୟାପିବାର ଆଶଙ୍କା ବଢିଛି। କୁଷ୍ଠ ନିରାକରଣ କାର୍ଯ୍ୟକ୍ରମକୁ ସଫଳ କରିବା ପାଇଁ ଏହି କେନ୍ଦ୍ରକୁ ସକ୍ରିୟ କରିବା ଜରୁରୀ ବୋଲି ସଚେତନ ମହଲରେ ମତ ପ୍ରକାଶ ପାଇଛି।
